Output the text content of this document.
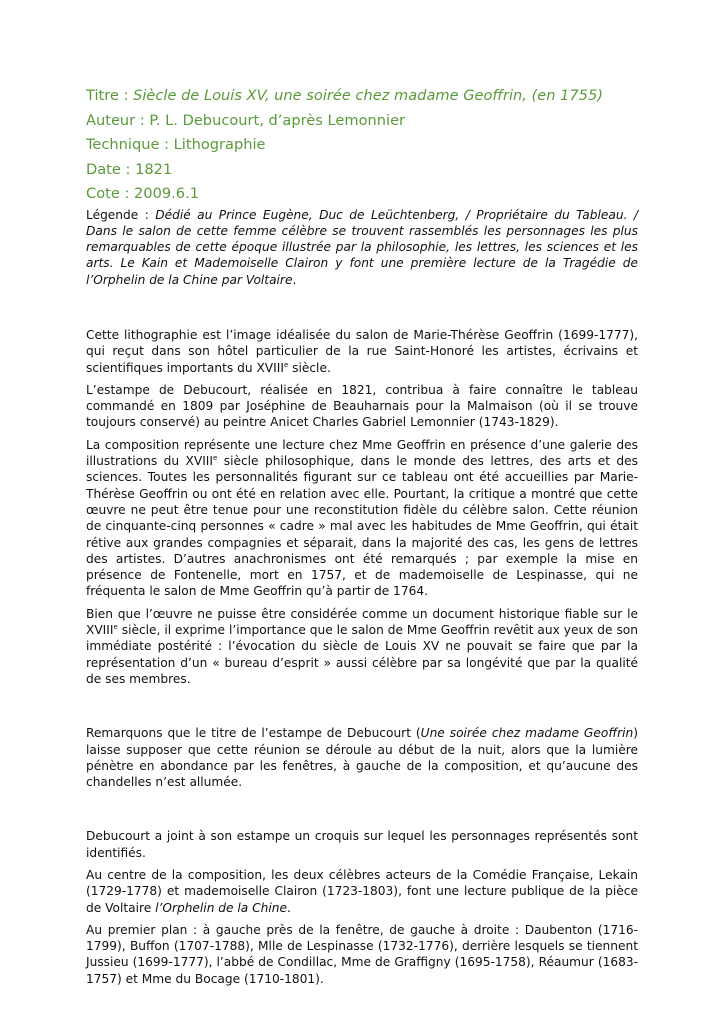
Titre : Siècle de Louis XV, une soirée chez madame Geoffrin, (en 1755)

Auteur : P. L. Debucourt, d’après Lemonnier

Technique : Lithographie

Date : 1821

Cote : 2009.6.1

Légende : Dédié au Prince Eugène, Duc de Leüchtenberg, / Propriétaire du Tableau. / Dans le salon de cette femme célèbre se trouvent rassemblés les personnages les plus remarquables de cette époque illustrée par la philosophie, les lettres, les sciences et les arts. Le Kain et Mademoiselle Clairon y font une première lecture de la Tragédie de l’Orphelin de la Chine par Voltaire.

Cette lithographie est l’image idéalisée du salon de Marie-Thérèse Geoffrin (1699-1777), qui reçut dans son hôtel particulier de la rue Saint-Honoré les artistes, écrivains et scientifiques importants du XVIIIe siècle.

L’estampe de Debucourt, réalisée en 1821, contribua à faire connaître le tableau commandé en 1809 par Joséphine de Beauharnais pour la Malmaison (où il se trouve toujours conservé) au peintre Anicet Charles Gabriel Lemonnier (1743-1829).

La composition représente une lecture chez Mme Geoffrin en présence d’une galerie des illustrations du XVIIIe siècle philosophique, dans le monde des lettres, des arts et des sciences. Toutes les personnalités figurant sur ce tableau ont été accueillies par Marie-Thérèse Geoffrin ou ont été en relation avec elle. Pourtant, la critique a montré que cette œuvre ne peut être tenue pour une reconstitution fidèle du célèbre salon. Cette réunion de cinquante-cinq personnes « cadre » mal avec les habitudes de Mme Geoffrin, qui était rétive aux grandes compagnies et séparait, dans la majorité des cas, les gens de lettres des artistes. D’autres anachronismes ont été remarqués ; par exemple la mise en présence de Fontenelle, mort en 1757, et de mademoiselle de Lespinasse, qui ne fréquenta le salon de Mme Geoffrin qu’à partir de 1764.

Bien que l’œuvre ne puisse être considérée comme un document historique fiable sur le XVIIIe siècle, il exprime l’importance que le salon de Mme Geoffrin revêtit aux yeux de son immédiate postérité : l’évocation du siècle de Louis XV ne pouvait se faire que par la représentation d’un « bureau d’esprit » aussi célèbre par sa longévité que par la qualité de ses membres.

Remarquons que le titre de l’estampe de Debucourt (Une soirée chez madame Geoffrin) laisse supposer que cette réunion se déroule au début de la nuit, alors que la lumière pénètre en abondance par les fenêtres, à gauche de la composition, et qu’aucune des chandelles n’est allumée.

Debucourt a joint à son estampe un croquis sur lequel les personnages représentés sont identifiés.

Au centre de la composition, les deux célèbres acteurs de la Comédie Française, Lekain (1729-1778) et mademoiselle Clairon (1723-1803), font une lecture publique de la pièce de Voltaire l’Orphelin de la Chine.

Au premier plan : à gauche près de la fenêtre, de gauche à droite : Daubenton (1716-1799), Buffon (1707-1788), Mlle de Lespinasse (1732-1776), derrière lesquels se tiennent Jussieu (1699-1777), l’abbé de Condillac, Mme de Graffigny (1695-1758), Réaumur (1683-1757) et Mme du Bocage (1710-1801).
